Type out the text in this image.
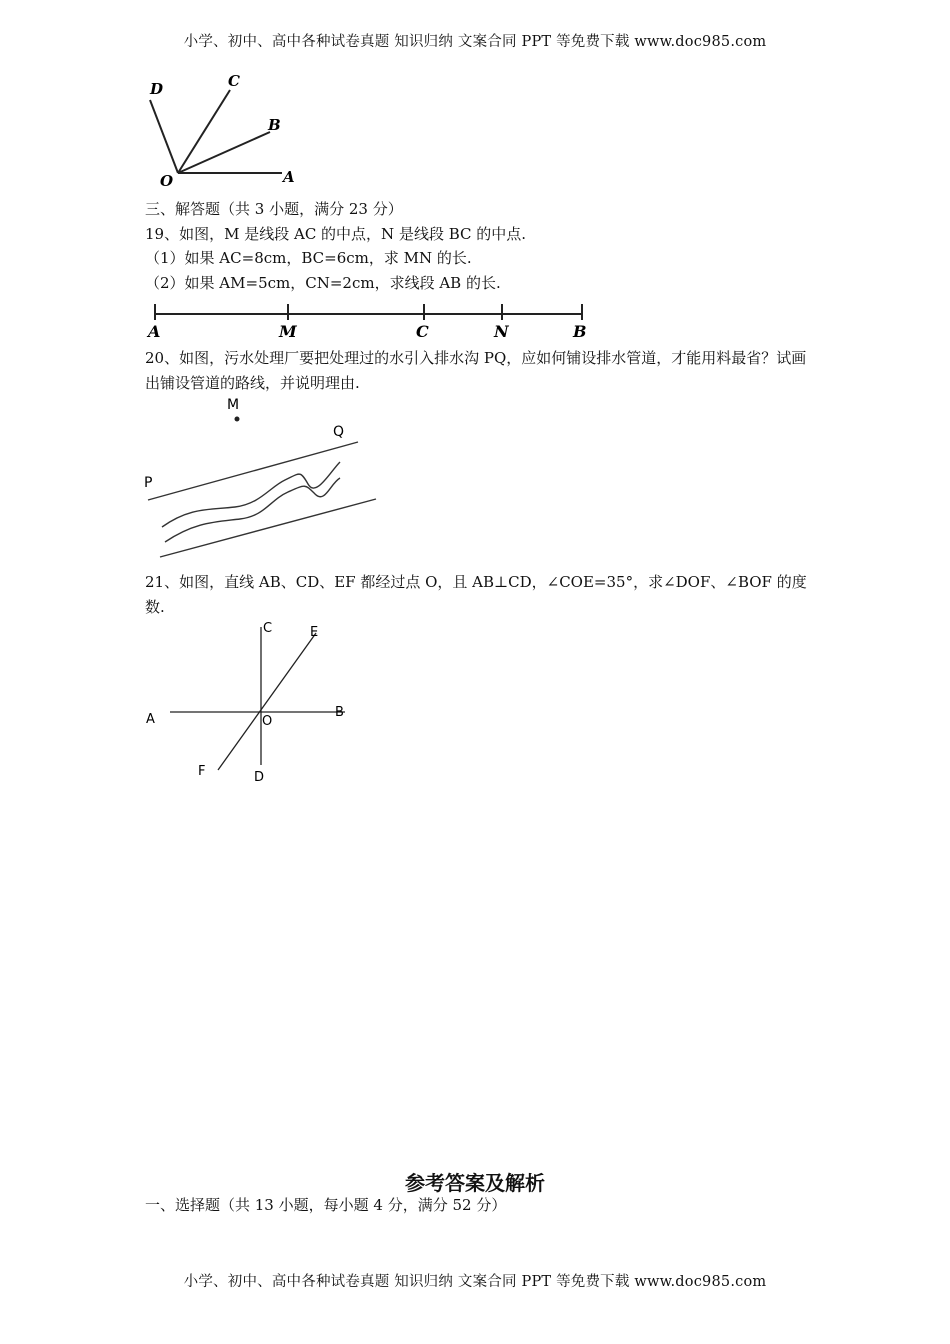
小学、初中、高中各种试卷真题 知识归纳 文案合同 PPT 等免费下载 www.doc985.com
D	C
B
O	A
三、解答题（共 3 小题，满分 23 分）
19、如图，M 是线段 AC 的中点，N 是线段 BC 的中点.
（1）如果 AC=8cm，BC=6cm，求 MN 的长.
（2）如果 AM=5cm，CN=2cm，求线段 AB 的长.
A	M	C	N	B
20、如图，污水处理厂要把处理过的水引入排水沟 PQ，应如何铺设排水管道，才能用料最省？试画出铺设管道的路线，并说明理由.
M
Q
P
21、如图，直线 AB、CD、EF 都经过点 O，且 AB⊥CD，∠COE=35°，求∠DOF、∠BOF 的度数.
C	E
A	O
B
F	D
参考答案及解析
一、选择题（共 13 小题，每小题 4 分，满分 52 分）
小学、初中、高中各种试卷真题 知识归纳 文案合同 PPT 等免费下载 www.doc985.com
